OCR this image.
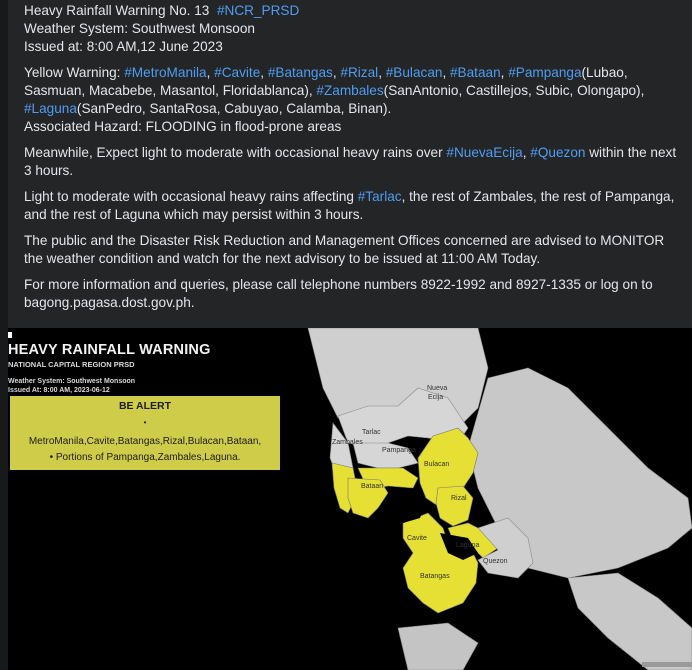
Heavy Rainfall Warning No. 13 #NCR_PRSD
Weather System: Southwest Monsoon
Issued at: 8:00 AM,12 June 2023

Yellow Warning: #MetroManila, #Cavite, #Batangas, #Rizal, #Bulacan, #Bataan, #Pampanga(Lubao, Sasmuan, Macabebe, Masantol, Floridablanca), #Zambales(SanAntonio, Castillejos, Subic, Olongapo), #Laguna(SanPedro, SantaRosa, Cabuyao, Calamba, Binan).
Associated Hazard: FLOODING in flood-prone areas

Meanwhile, Expect light to moderate with occasional heavy rains over #NuevaEcija, #Quezon within the next 3 hours.

Light to moderate with occasional heavy rains affecting #Tarlac, the rest of Zambales, the rest of Pampanga, and the rest of Laguna which may persist within 3 hours.

The public and the Disaster Risk Reduction and Management Offices concerned are advised to MONITOR the weather condition and watch for the next advisory to be issued at 11:00 AM Today.

For more information and queries, please call telephone numbers 8922-1992 and 8927-1335 or log on to bagong.pagasa.dost.gov.ph.

Tarlac
Nueva Ecija
Zambales
Pampanga
Bulacan
Bataan
Rizal
Cavite
Laguna
Quezon
Batangas
HEAVY RAINFALL WARNING
NATIONAL CAPITAL REGION PRSD
Weather System: Southwest Monsoon
Issued At: 8:00 AM, 2023-06-12
BE ALERT
•
MetroManila,Cavite,Batangas,Rizal,Bulacan,Bataan,
• Portions of Pampanga,Zambales,Laguna.
